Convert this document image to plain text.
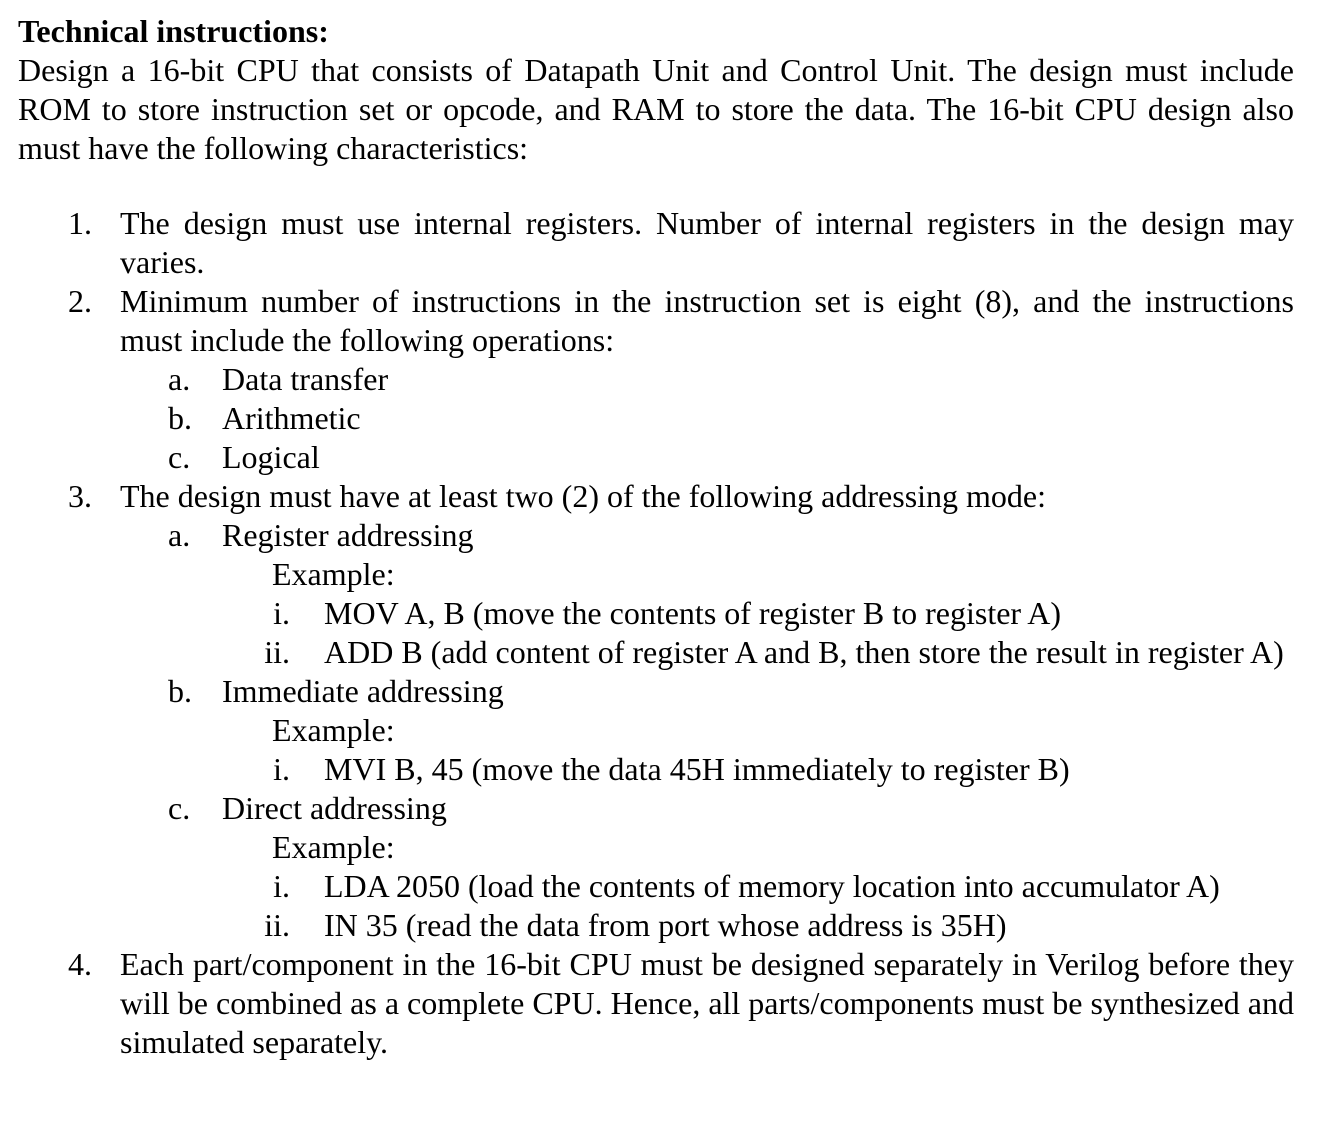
Technical instructions:

Design a 16-bit CPU that consists of Datapath Unit and Control Unit. The design must include ROM to store instruction set or opcode, and RAM to store the data. The 16-bit CPU design also must have the following characteristics:

1. The design must use internal registers. Number of internal registers in the design may varies.
2. Minimum number of instructions in the instruction set is eight (8), and the instructions must include the following operations:
a. Data transfer
b. Arithmetic
c. Logical
3. The design must have at least two (2) of the following addressing mode:
a. Register addressing
Example:
i. MOV A, B (move the contents of register B to register A)
ii. ADD B (add content of register A and B, then store the result in register A)
b. Immediate addressing
Example:
i. MVI B, 45 (move the data 45H immediately to register B)
c. Direct addressing
Example:
i. LDA 2050 (load the contents of memory location into accumulator A)
ii. IN 35 (read the data from port whose address is 35H)
4. Each part/component in the 16-bit CPU must be designed separately in Verilog before they will be combined as a complete CPU. Hence, all parts/components must be synthesized and simulated separately.
